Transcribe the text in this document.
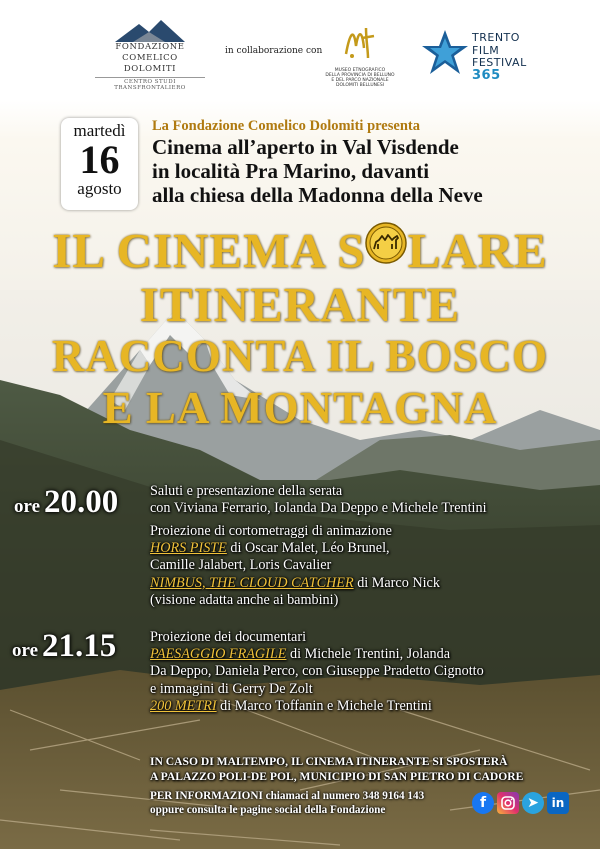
FONDAZIONE
COMELICO DOLOMITI
CENTRO STUDI TRANSFRONTALIERO
in collaborazione con
MUSEO ETNOGRAFICO
DELLA PROVINCIA DI BELLUNO
E DEL PARCO NAZIONALE
DOLOMITI BELLUNESI
TRENTO
FILM
FESTIVAL
365
martedì
16
agosto
La Fondazione Comelico Dolomiti presenta
Cinema all’aperto in Val Visdende
in località Pra Marino, davanti
alla chiesa della Madonna della Neve
IL CINEMA S LARE
ITINERANTE
RACCONTA IL BOSCO
E LA MONTAGNA
ore 20.00 Saluti e presentazione della serata
con Viviana Ferrario, Iolanda Da Deppo e Michele Trentini
Proiezione di cortometraggi di animazione
HORS PISTE di Oscar Malet, Léo Brunel,
Camille Jalabert, Loris Cavalier
NIMBUS, THE CLOUD CATCHER di Marco Nick
(visione adatta anche ai bambini)
ore 21.15 Proiezione dei documentari
PAESAGGIO FRAGILE di Michele Trentini, Jolanda
Da Deppo, Daniela Perco, con Giuseppe Pradetto Cignotto
e immagini di Gerry De Zolt
200 METRI di Marco Toffanin e Michele Trentini
IN CASO DI MALTEMPO, IL CINEMA ITINERANTE SI SPOSTERÀ
A PALAZZO POLI-DE POL, MUNICIPIO DI SAN PIETRO DI CADORE
PER INFORMAZIONI chiamaci al numero 348 9164 143
oppure consulta le pagine social della Fondazione	f	➤	in
